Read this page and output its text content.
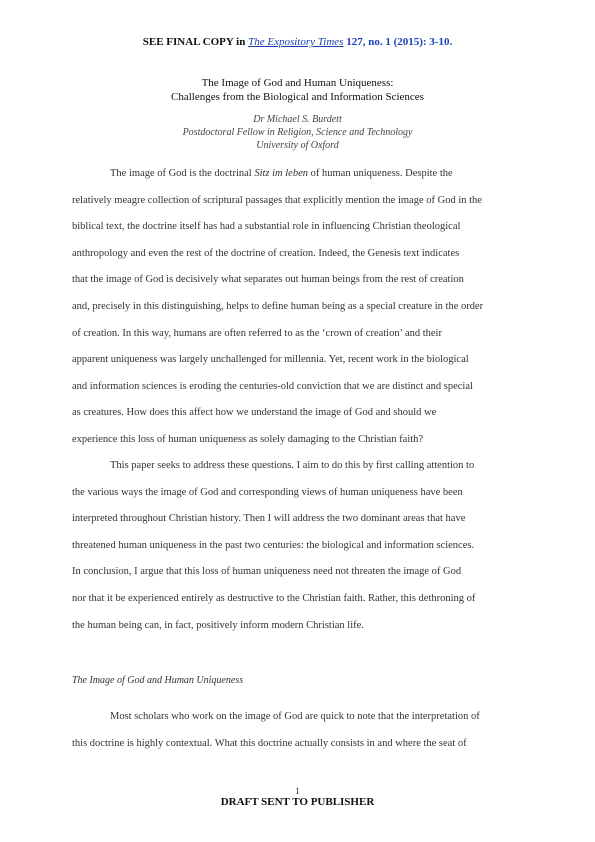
SEE FINAL COPY in The Expository Times 127, no. 1 (2015): 3-10.
The Image of God and Human Uniqueness:
Challenges from the Biological and Information Sciences
Dr Michael S. Burdett
Postdoctoral Fellow in Religion, Science and Technology
University of Oxford

The image of God is the doctrinal Sitz im leben of human uniqueness. Despite the
relatively meagre collection of scriptural passages that explicitly mention the image of God in the
biblical text, the doctrine itself has had a substantial role in influencing Christian theological
anthropology and even the rest of the doctrine of creation. Indeed, the Genesis text indicates
that the image of God is decisively what separates out human beings from the rest of creation
and, precisely in this distinguishing, helps to define human being as a special creature in the order
of creation. In this way, humans are often referred to as the ‘crown of creation’ and their
apparent uniqueness was largely unchallenged for millennia. Yet, recent work in the biological
and information sciences is eroding the centuries-old conviction that we are distinct and special
as creatures. How does this affect how we understand the image of God and should we
experience this loss of human uniqueness as solely damaging to the Christian faith?

This paper seeks to address these questions. I aim to do this by first calling attention to
the various ways the image of God and corresponding views of human uniqueness have been
interpreted throughout Christian history. Then I will address the two dominant areas that have
threatened human uniqueness in the past two centuries: the biological and information sciences.
In conclusion, I argue that this loss of human uniqueness need not threaten the image of God
nor that it be experienced entirely as destructive to the Christian faith. Rather, this dethroning of
the human being can, in fact, positively inform modern Christian life.

The Image of God and Human Uniqueness

Most scholars who work on the image of God are quick to note that the interpretation of
this doctrine is highly contextual. What this doctrine actually consists in and where the seat of

1
DRAFT SENT TO PUBLISHER
